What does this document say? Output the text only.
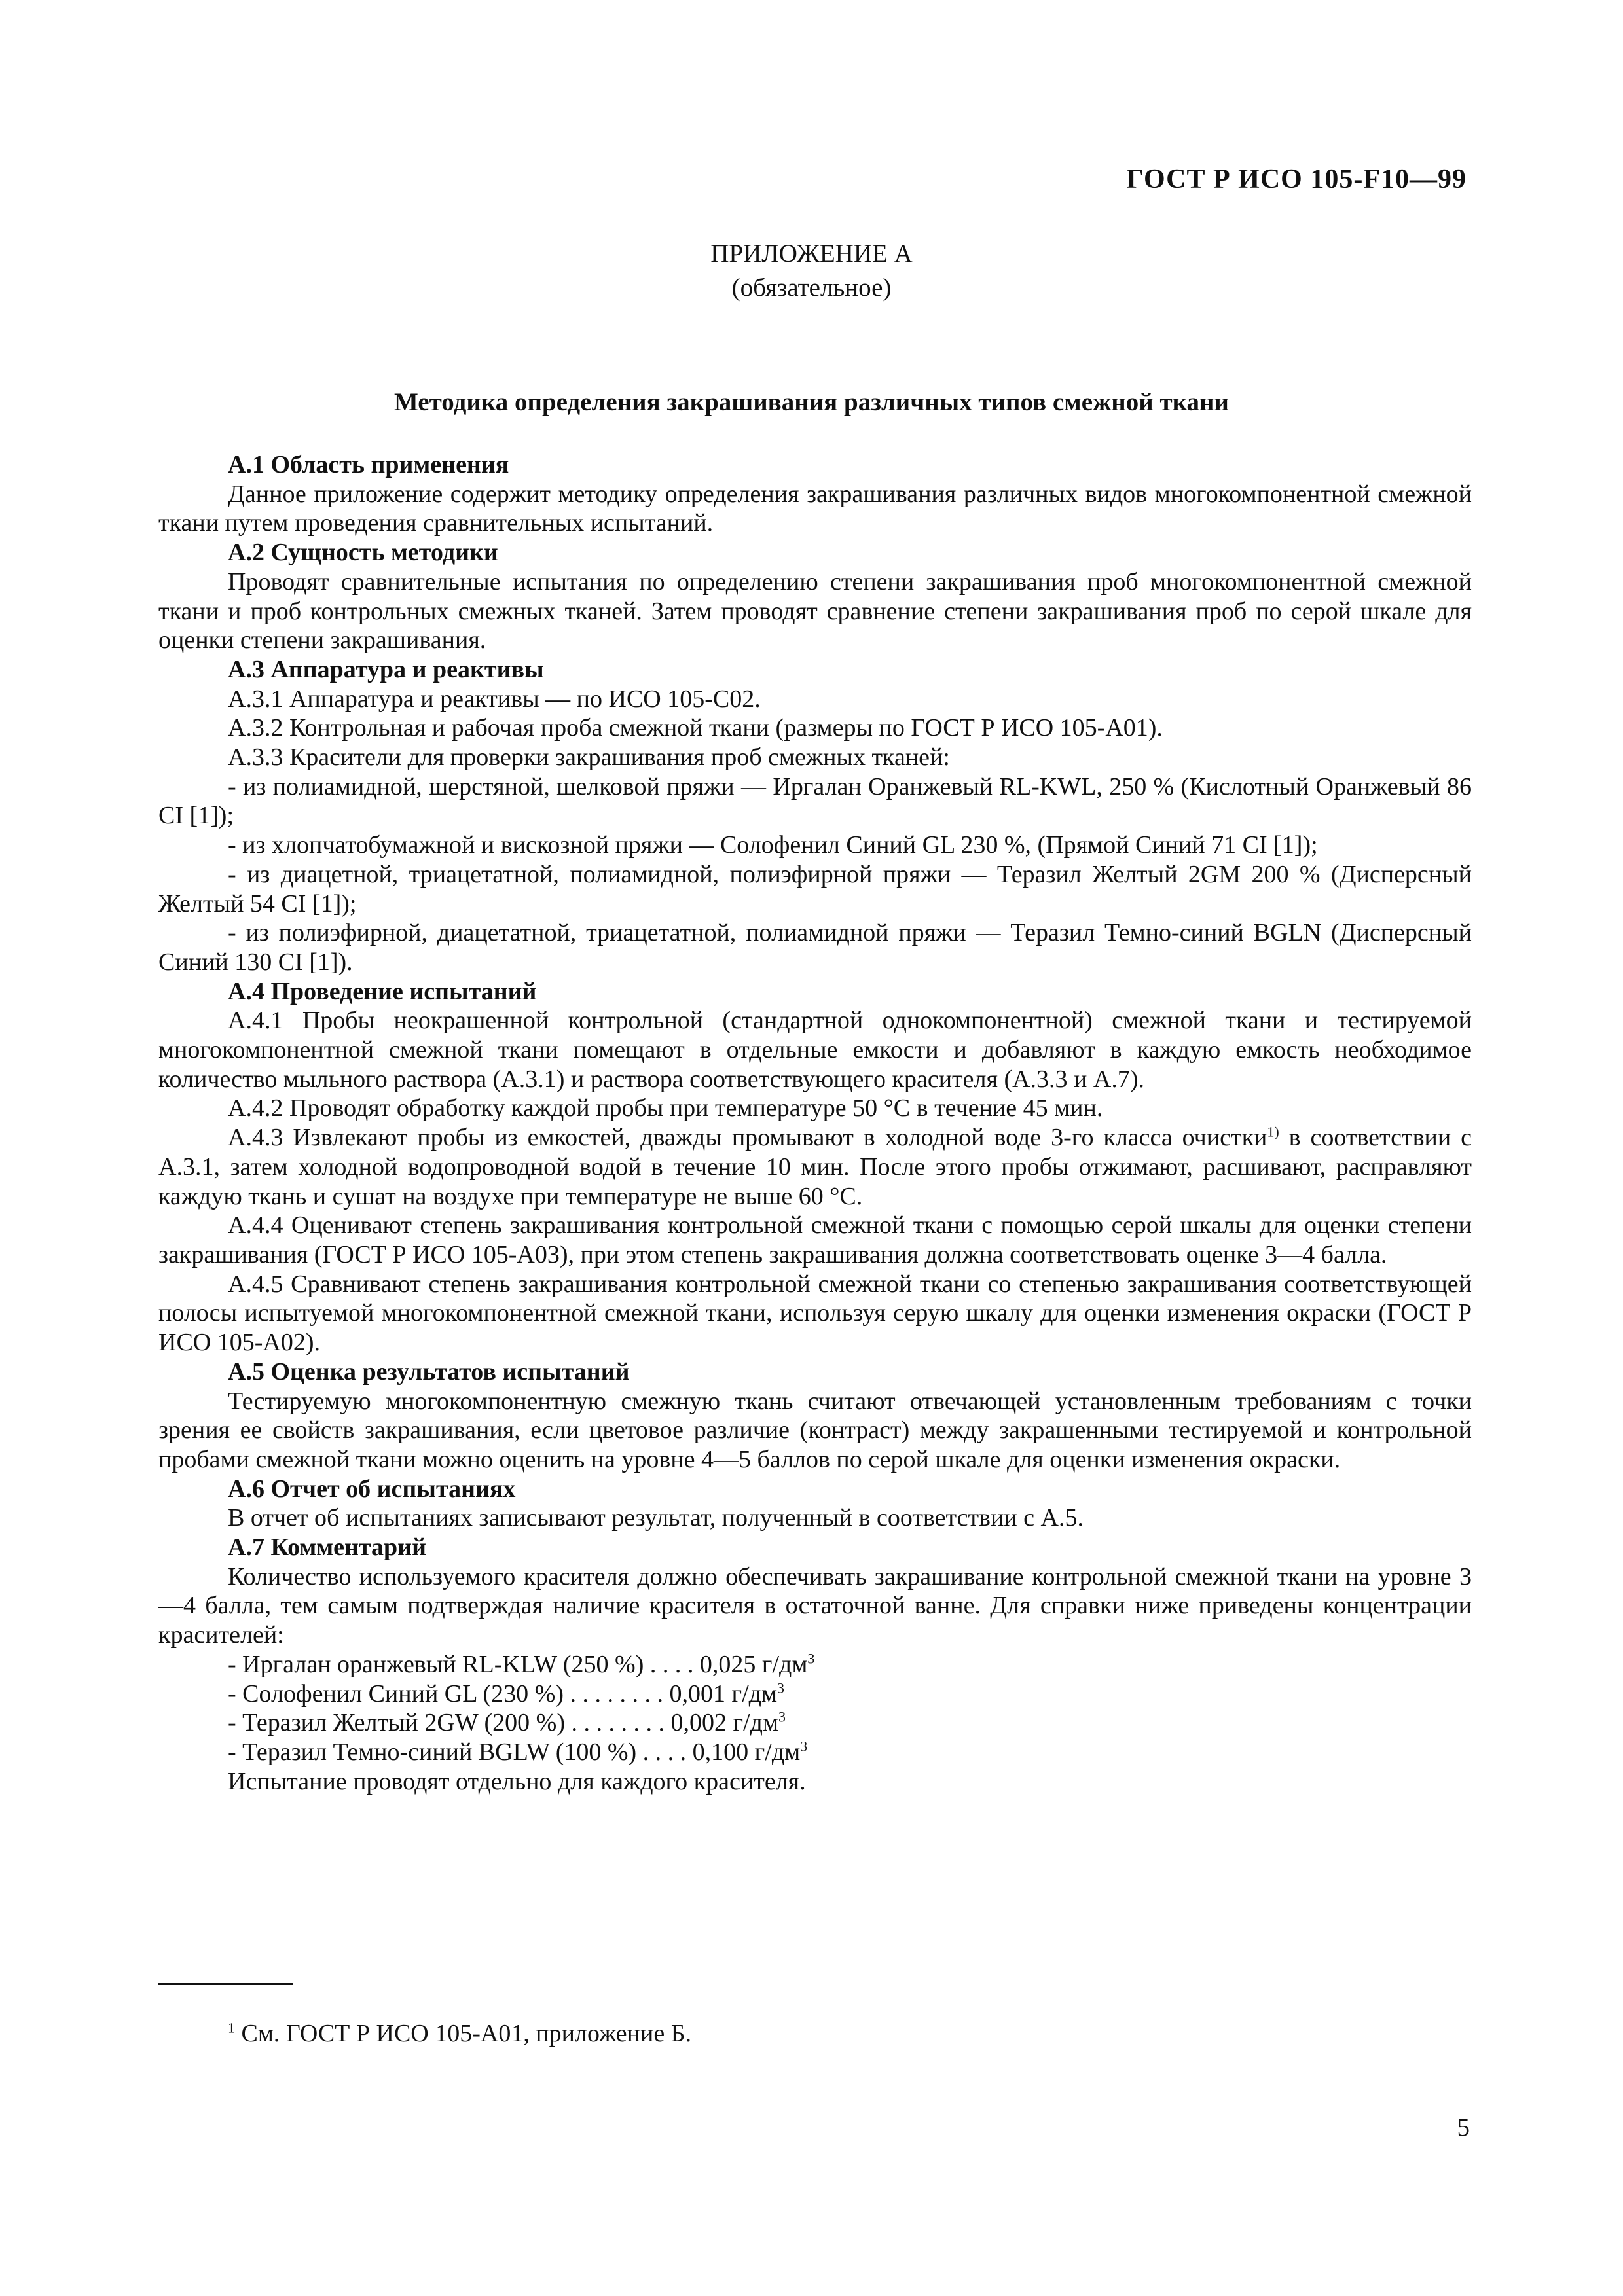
ГОСТ Р ИСО 105-F10—99
ПРИЛОЖЕНИЕ А
(обязательное)
Методика определения закрашивания различных типов смежной ткани

А.1 Область применения

Данное приложение содержит методику определения закрашивания различных видов многокомпонентной смежной ткани путем проведения сравнительных испытаний.

А.2 Сущность методики

Проводят сравнительные испытания по определению степени закрашивания проб многокомпонентной смежной ткани и проб контрольных смежных тканей. Затем проводят сравнение степени закрашивания проб по серой шкале для оценки степени закрашивания.

А.3 Аппаратура и реактивы

А.3.1 Аппаратура и реактивы — по ИСО 105-С02.

А.3.2 Контрольная и рабочая проба смежной ткани (размеры по ГОСТ Р ИСО 105-А01).

А.3.3 Красители для проверки закрашивания проб смежных тканей:

- из полиамидной, шерстяной, шелковой пряжи — Иргалан Оранжевый RL-KWL, 250 % (Кислотный Оранжевый 86 CI [1]);

- из хлопчатобумажной и вискозной пряжи — Солофенил Синий GL 230 %, (Прямой Синий 71 CI [1]);

- из диацетной, триацетатной, полиамидной, полиэфирной пряжи — Теразил Желтый 2GM 200 % (Дисперсный Желтый 54 CI [1]);

- из полиэфирной, диацетатной, триацетатной, полиамидной пряжи — Теразил Темно-синий BGLN (Дисперсный Синий 130 CI [1]).

А.4 Проведение испытаний

А.4.1 Пробы неокрашенной контрольной (стандартной однокомпонентной) смежной ткани и тестируемой многокомпонентной смежной ткани помещают в отдельные емкости и добавляют в каждую емкость необходимое количество мыльного раствора (А.3.1) и раствора соответствующего красителя (А.3.3 и А.7).

А.4.2 Проводят обработку каждой пробы при температуре 50 °С в течение 45 мин.

А.4.3 Извлекают пробы из емкостей, дважды промывают в холодной воде 3-го класса очистки$^{1)}$ в соответствии с А.3.1, затем холодной водопроводной водой в течение 10 мин. После этого пробы отжимают, расшивают, расправляют каждую ткань и сушат на воздухе при температуре не выше 60 °С.

А.4.4 Оценивают степень закрашивания контрольной смежной ткани с помощью серой шкалы для оценки степени закрашивания (ГОСТ Р ИСО 105-А03), при этом степень закрашивания должна соответствовать оценке 3—4 балла.

А.4.5 Сравнивают степень закрашивания контрольной смежной ткани со степенью закрашивания соответствующей полосы испытуемой многокомпонентной смежной ткани, используя серую шкалу для оценки изменения окраски (ГОСТ Р ИСО 105-А02).

А.5 Оценка результатов испытаний

Тестируемую многокомпонентную смежную ткань считают отвечающей установленным требованиям с точки зрения ее свойств закрашивания, если цветовое различие (контраст) между закрашенными тестируемой и контрольной пробами смежной ткани можно оценить на уровне 4—5 баллов по серой шкале для оценки изменения окраски.

А.6 Отчет об испытаниях

В отчет об испытаниях записывают результат, полученный в соответствии с А.5.

А.7 Комментарий

Количество используемого красителя должно обеспечивать закрашивание контрольной смежной ткани на уровне 3—4 балла, тем самым подтверждая наличие красителя в остаточной ванне. Для справки ниже приведены концентрации красителей:

- Иргалан оранжевый RL-KLW (250 %) . . . . 0,025 $г/дм^3$

- Солофенил Синий GL (230 %) . . . . . . . . 0,001 $г/дм^3$

- Теразил Желтый 2GW (200 %) . . . . . . . . 0,002 $г/дм^3$

- Теразил Темно-синий BGLW (100 %) . . . . 0,100 $г/дм^3$

Испытание проводят отдельно для каждого красителя.

$^1$ См. ГОСТ Р ИСО 105-А01, приложение Б.
5
